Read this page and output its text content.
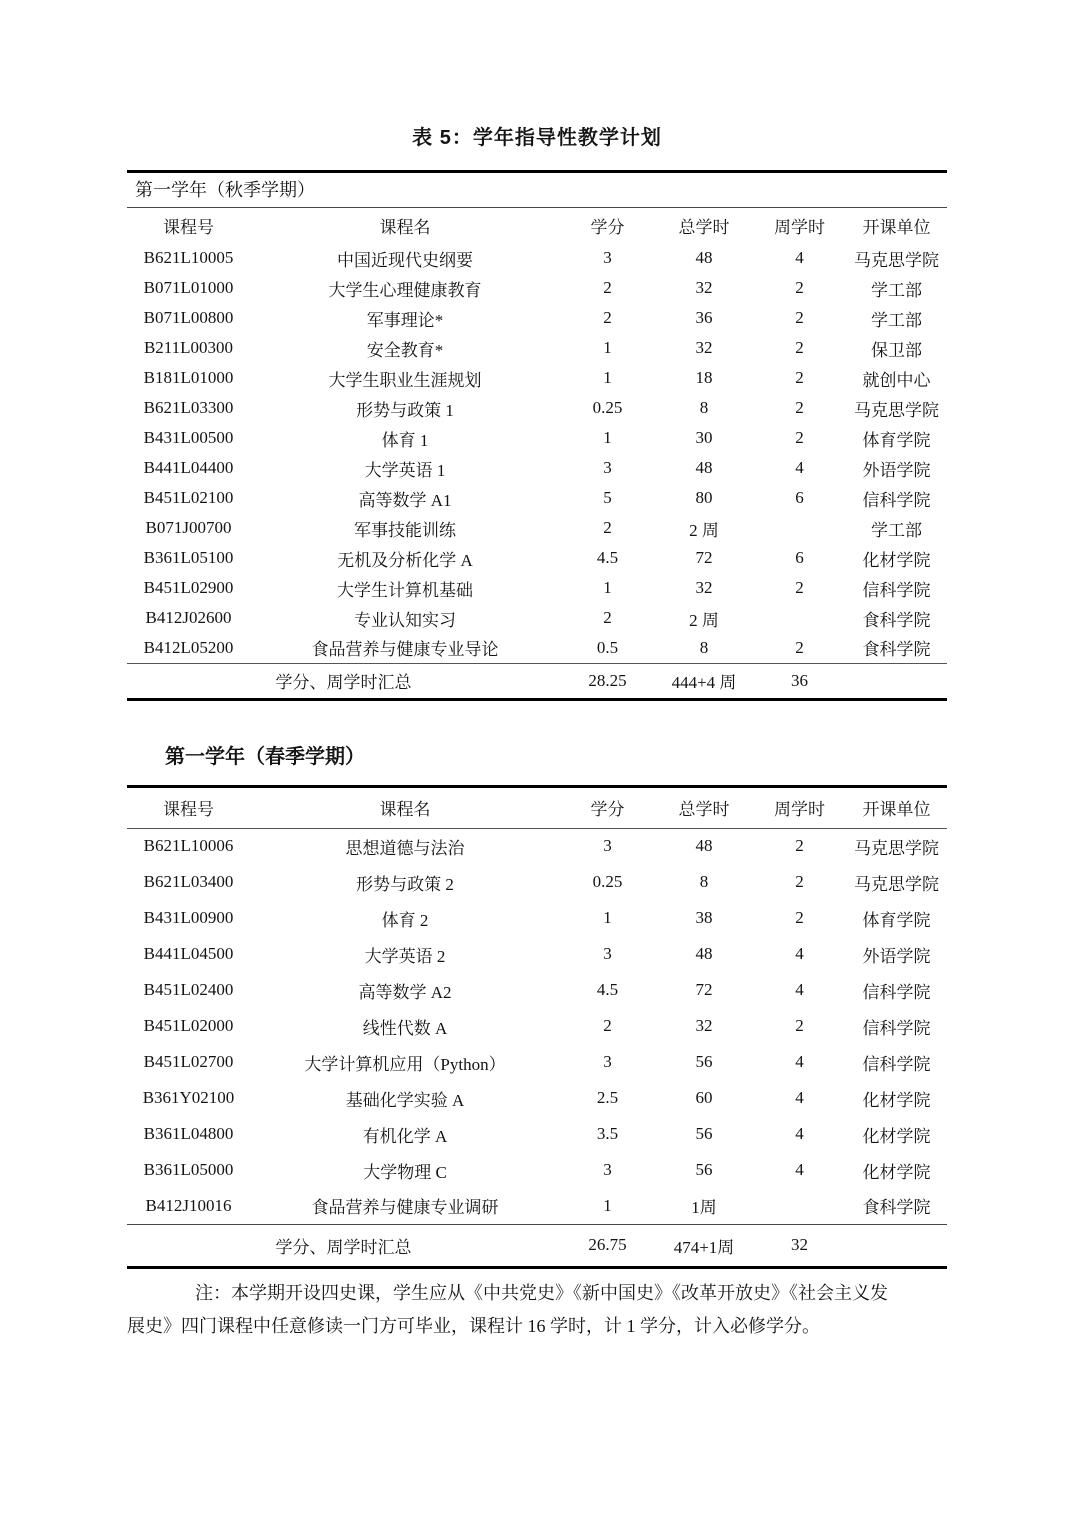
表 5：学年指导性教学计划
第一学年（秋季学期）
课程号	课程名	学分	总学时	周学时	开课单位
B621L10005	中国近现代史纲要	3	48	4	马克思学院
B071L01000	大学生心理健康教育	2	32	2	学工部
B071L00800	军事理论*	2	36	2	学工部
B211L00300	安全教育*	1	32	2	保卫部
B181L01000	大学生职业生涯规划	1	18	2	就创中心
B621L03300	形势与政策 1	0.25	8	2	马克思学院
B431L00500	体育 1	1	30	2	体育学院
B441L04400	大学英语 1	3	48	4	外语学院
B451L02100	高等数学 A1	5	80	6	信科学院
B071J00700	军事技能训练	2	2 周		学工部
B361L05100	无机及分析化学 A	4.5	72	6	化材学院
B451L02900	大学生计算机基础	1	32	2	信科学院
B412J02600	专业认知实习	2	2 周		食科学院
B412L05200	食品营养与健康专业导论	0.5	8	2	食科学院
学分、周学时汇总		28.25	444+4 周	36	
第一学年（春季学期）
课程号	课程名	学分	总学时	周学时	开课单位
B621L10006	思想道德与法治	3	48	2	马克思学院
B621L03400	形势与政策 2	0.25	8	2	马克思学院
B431L00900	体育 2	1	38	2	体育学院
B441L04500	大学英语 2	3	48	4	外语学院
B451L02400	高等数学 A2	4.5	72	4	信科学院
B451L02000	线性代数 A	2	32	2	信科学院
B451L02700	大学计算机应用（Python）	3	56	4	信科学院
B361Y02100	基础化学实验 A	2.5	60	4	化材学院
B361L04800	有机化学 A	3.5	56	4	化材学院
B361L05000	大学物理 C	3	56	4	化材学院
B412J10016	食品营养与健康专业调研	1	1周		食科学院
学分、周学时汇总		26.75	474+1周	32	
注：本学期开设四史课，学生应从《中共党史》《新中国史》《改革开放史》《社会主义发
展史》四门课程中任意修读一门方可毕业，课程计 16 学时，计 1 学分，计入必修学分。
